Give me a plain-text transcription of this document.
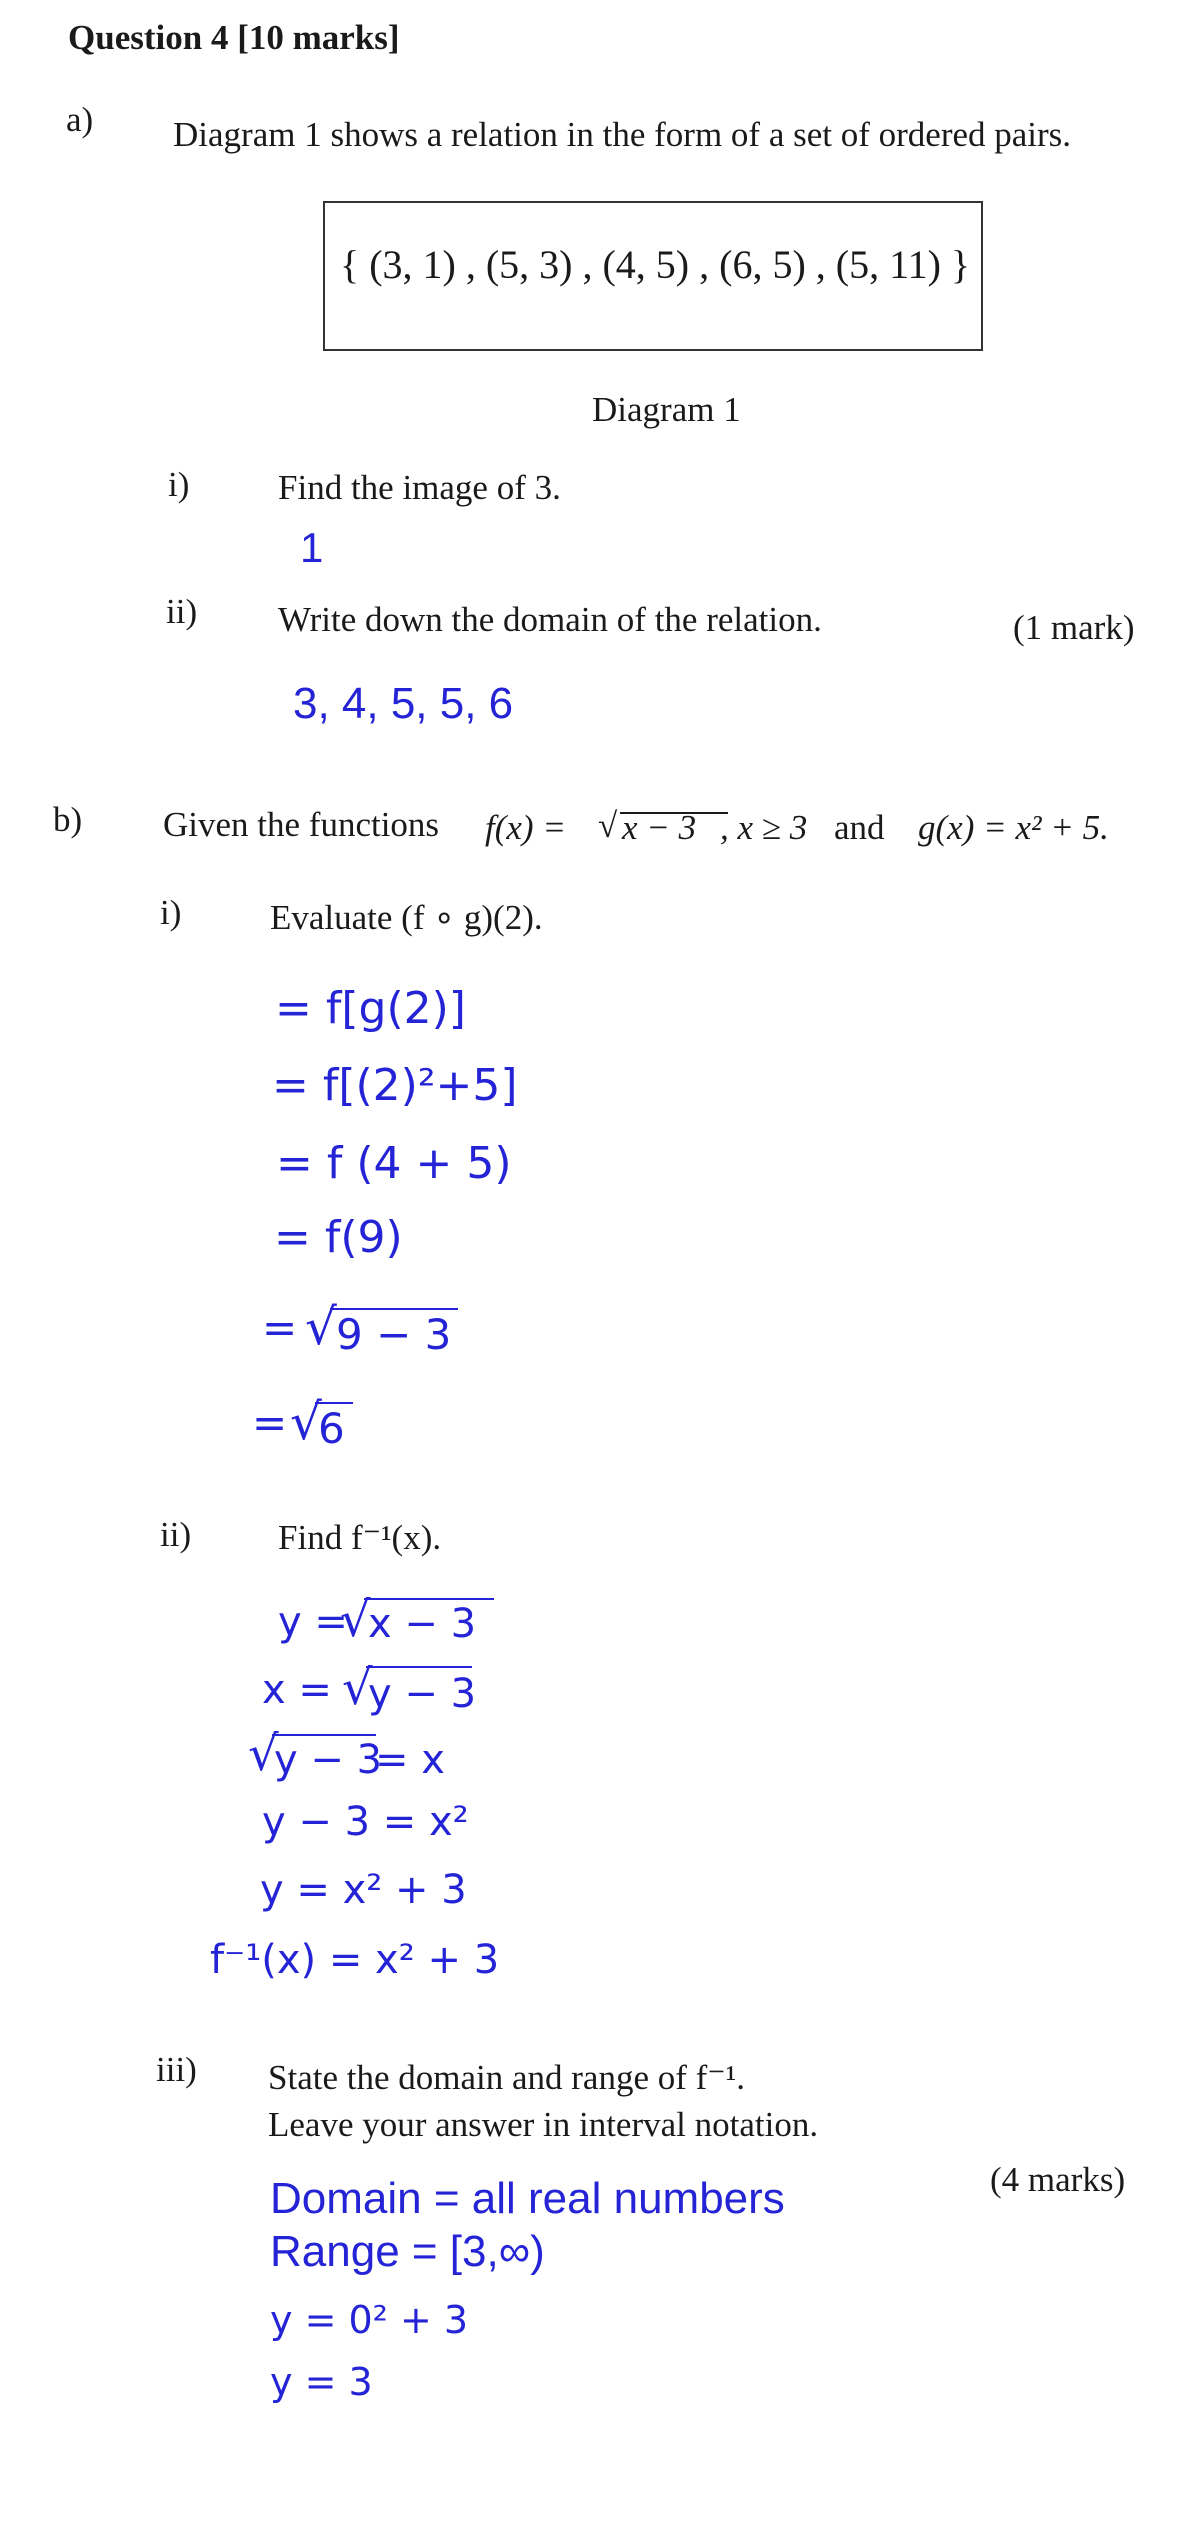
Question 4 [10 marks]
a) Diagram 1 shows a relation in the form of a set of ordered pairs.
{ (3, 1) , (5, 3) , (4, 5) , (6, 5) , (5, 11) }
Diagram 1
i)	Find the image of 3.
1
ii) Write down the domain of the relation.	(1 mark)
3, 4, 5, 5, 6
b) Given the functions f(x) = √ x − 3 , x ≥ 3 and g(x) = x² + 5.
i)	Evaluate (f ∘ g)(2).
= f[g(2)]
= f[(2)²+5]
= f (4 + 5)
= f(9)
= √ 9 − 3
= √
6
ii) Find f⁻¹(x).
y =
√
x − 3
x = √
y − 3
√
y − 3
= x
y − 3 = x²
y = x² + 3
f⁻¹(x) = x² + 3
iii) State the domain and range of f⁻¹.
Leave your answer in interval notation.
(4 marks)
Domain = all real numbers
Range = [3,∞)
y = 0² + 3
y = 3
